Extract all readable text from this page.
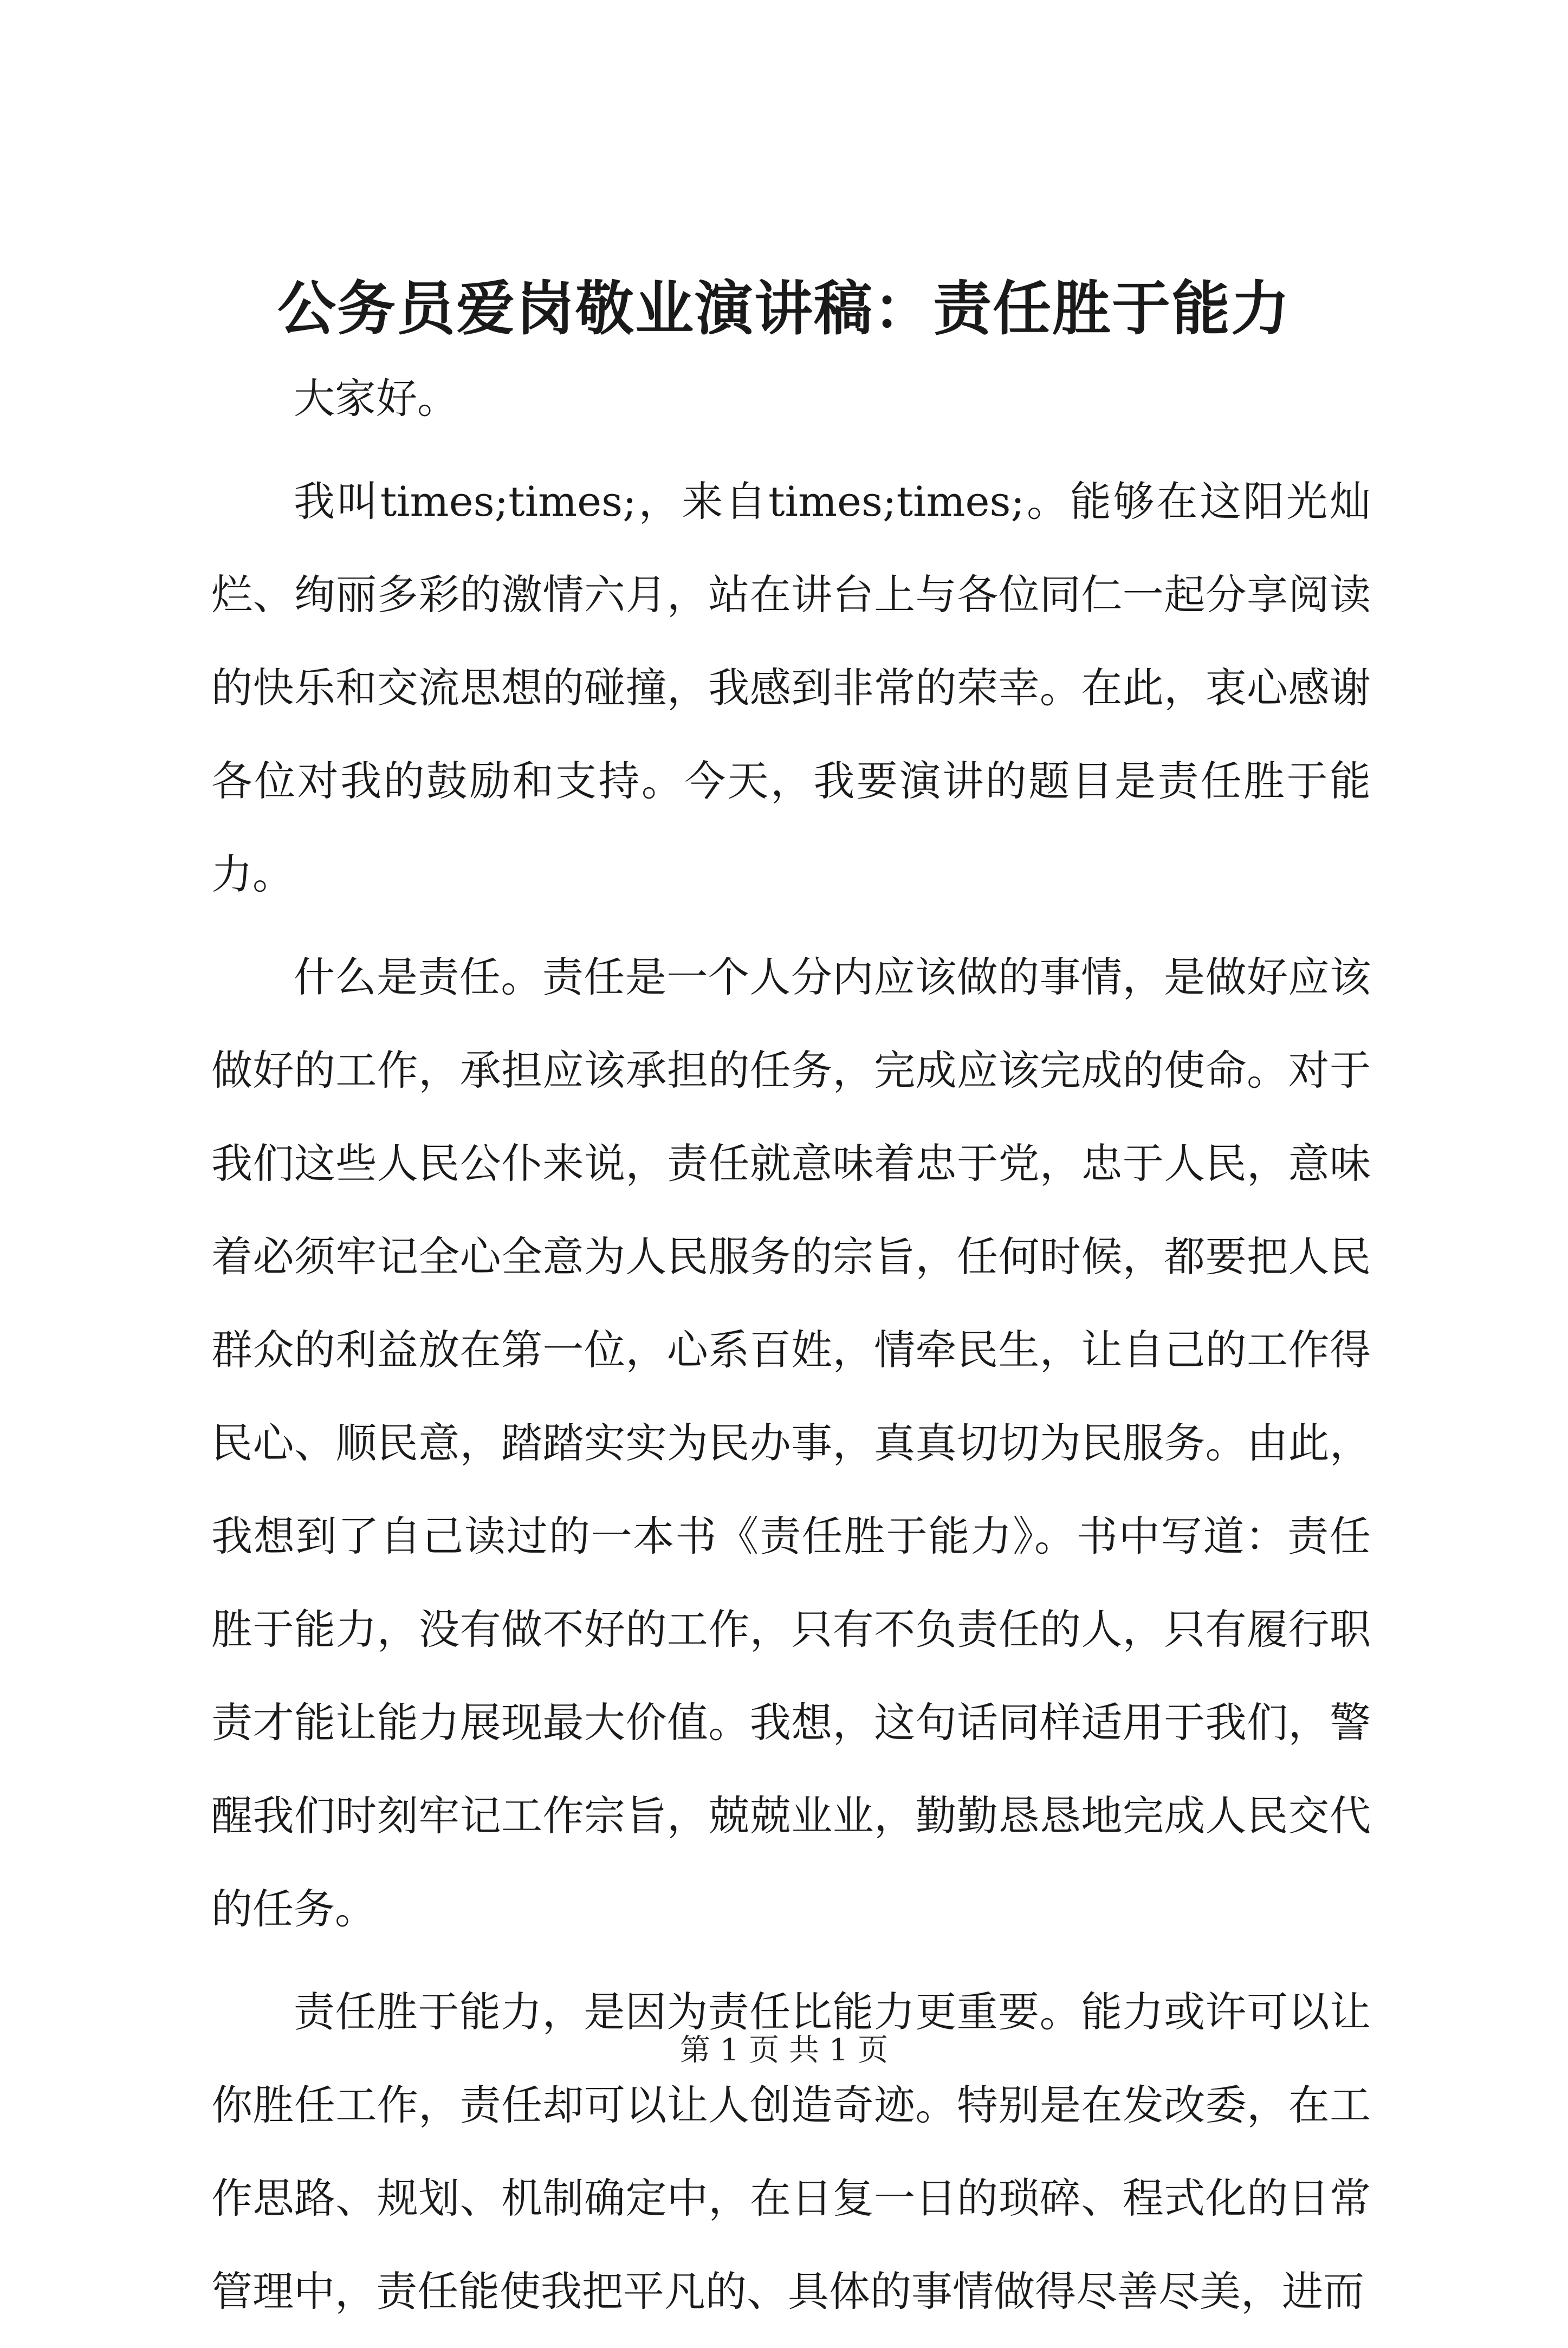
公务员爱岗敬业演讲稿：责任胜于能力

大家好。

我叫times;times;，来自times;times;。能够在这阳光灿烂、绚丽多彩的激情六月，站在讲台上与各位同仁一起分享阅读的快乐和交流思想的碰撞，我感到非常的荣幸。在此，衷心感谢各位对我的鼓励和支持。今天，我要演讲的题目是责任胜于能力。

什么是责任。责任是一个人分内应该做的事情，是做好应该做好的工作，承担应该承担的任务，完成应该完成的使命。对于我们这些人民公仆来说，责任就意味着忠于党，忠于人民，意味着必须牢记全心全意为人民服务的宗旨，任何时候，都要把人民群众的利益放在第一位，心系百姓，情牵民生，让自己的工作得民心、顺民意，踏踏实实为民办事，真真切切为民服务。由此，我想到了自己读过的一本书《责任胜于能力》。书中写道：责任胜于能力，没有做不好的工作，只有不负责任的人，只有履行职责才能让能力展现最大价值。我想，这句话同样适用于我们，警醒我们时刻牢记工作宗旨，兢兢业业，勤勤恳恳地完成人民交代的任务。

责任胜于能力，是因为责任比能力更重要。能力或许可以让你胜任工作，责任却可以让人创造奇迹。特别是在发改委，在工作思路、规划、机制确定中，在日复一日的琐碎、程式化的日常管理中，责任能使我把平凡的、具体的事情做得尽善尽美，进而

第 1 页 共 1 页
